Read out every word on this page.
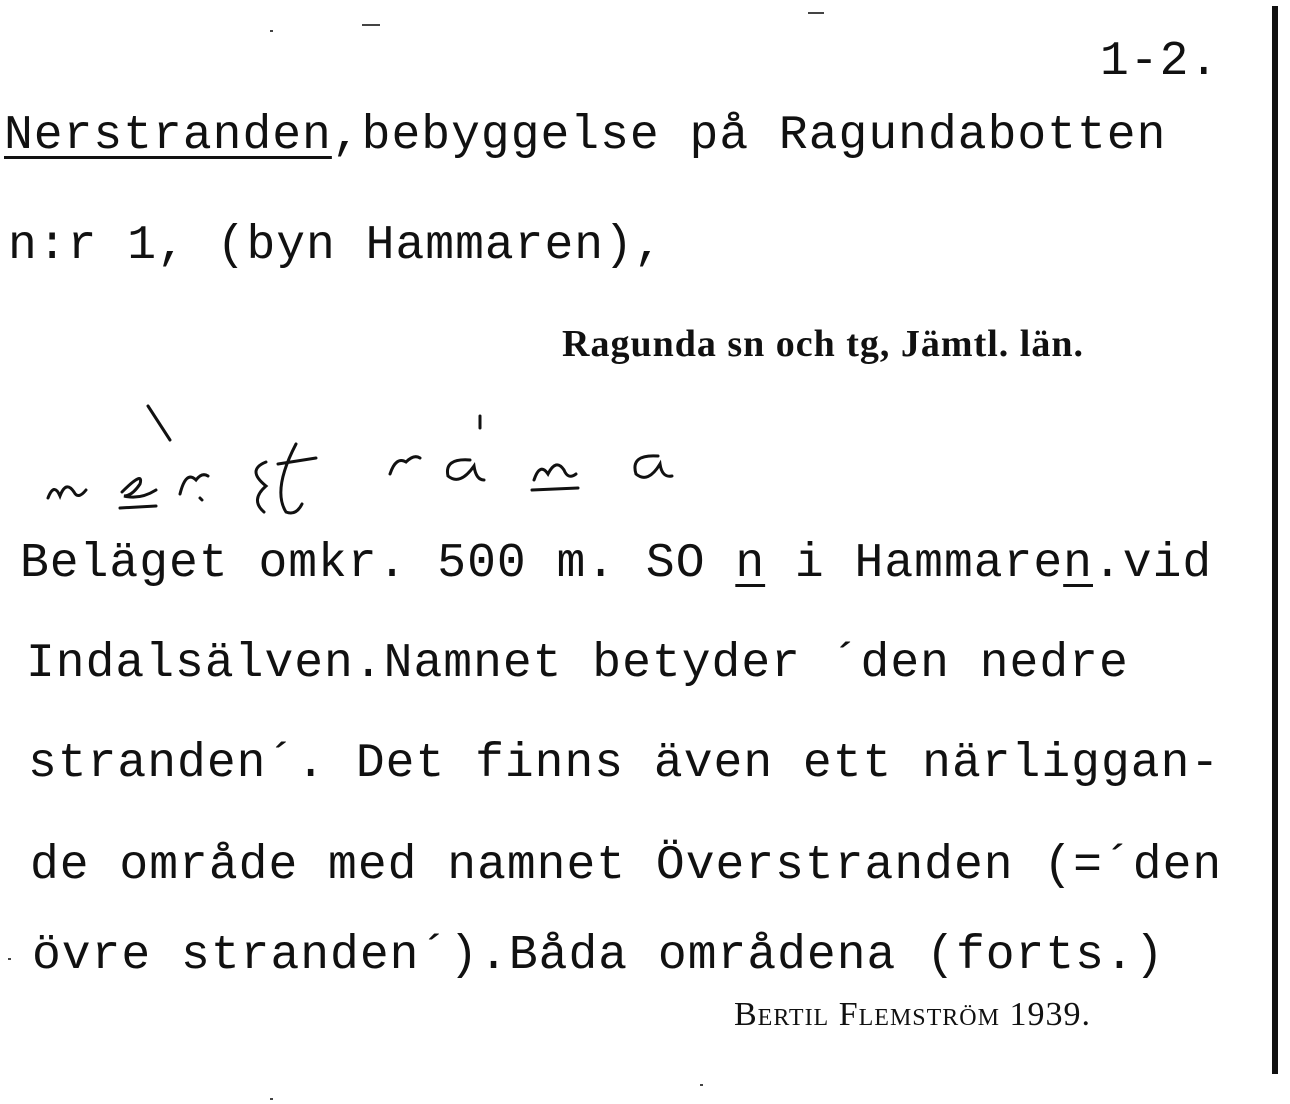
1-2.
Nerstranden,bebyggelse på Ragundabotten
n:r 1, (byn Hammaren),
Ragunda sn och tg, Jämtl. län.
Beläget omkr. 500 m. SO n i Hammaren.vid
Indalsälven.Namnet betyder ´den nedre
stranden´. Det finns även ett närliggan-
de område med namnet Överstranden (=´den
övre stranden´).Båda områdena (forts.)
Bertil Flemström 1939.
